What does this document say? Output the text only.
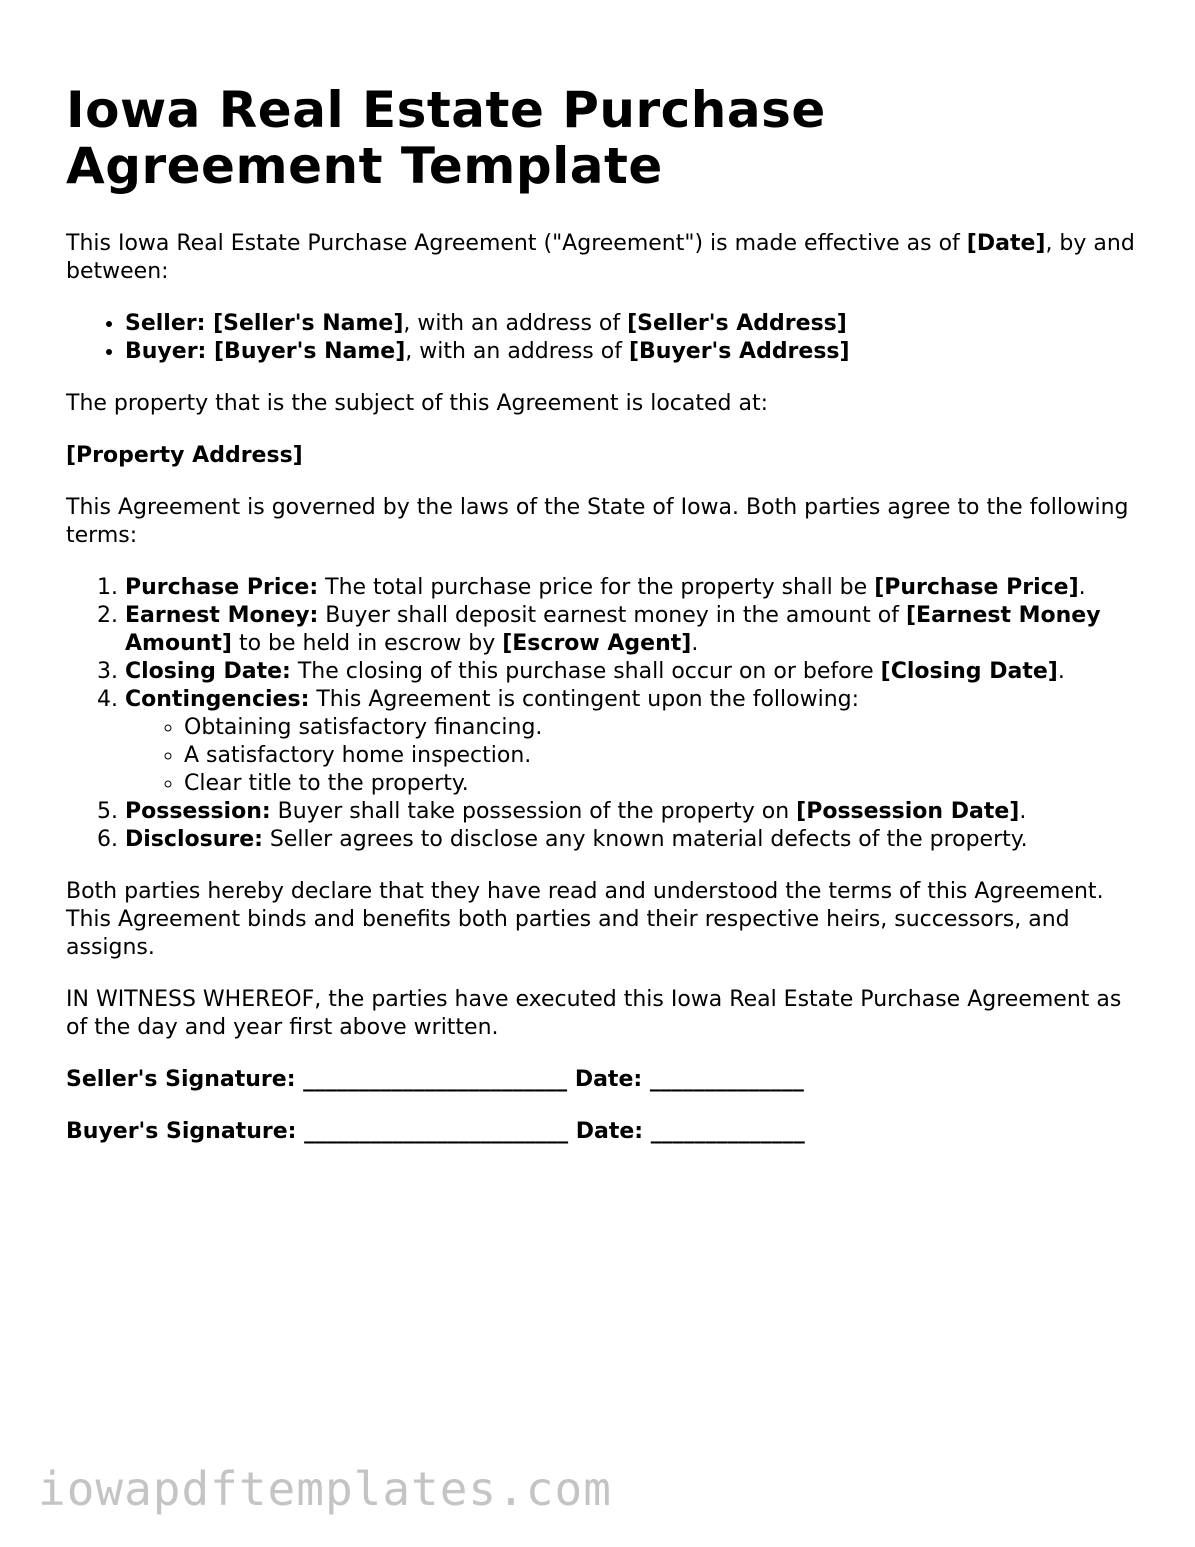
Iowa Real Estate Purchase Agreement Template

This Iowa Real Estate Purchase Agreement ("Agreement") is made effective as of [Date], by and between:

• Seller: [Seller's Name], with an address of [Seller's Address]
• Buyer: [Buyer's Name], with an address of [Buyer's Address]

The property that is the subject of this Agreement is located at:

[Property Address]

This Agreement is governed by the laws of the State of Iowa. Both parties agree to the following terms:

1. Purchase Price: The total purchase price for the property shall be [Purchase Price].
2. Earnest Money: Buyer shall deposit earnest money in the amount of [Earnest Money Amount] to be held in escrow by [Escrow Agent].
3. Closing Date: The closing of this purchase shall occur on or before [Closing Date].
4. Contingencies: This Agreement is contingent upon the following:
◦ Obtaining satisfactory financing.
◦ A satisfactory home inspection.
◦ Clear title to the property.
5. Possession: Buyer shall take possession of the property on [Possession Date].
6. Disclosure: Seller agrees to disclose any known material defects of the property.

Both parties hereby declare that they have read and understood the terms of this Agreement. This Agreement binds and benefits both parties and their respective heirs, successors, and assigns.

IN WITNESS WHEREOF, the parties have executed this Iowa Real Estate Purchase Agreement as of the day and year first above written.

Seller's Signature: ________________________ Date: ______________

Buyer's Signature: ________________________ Date: ______________

iowapdftemplates.com
